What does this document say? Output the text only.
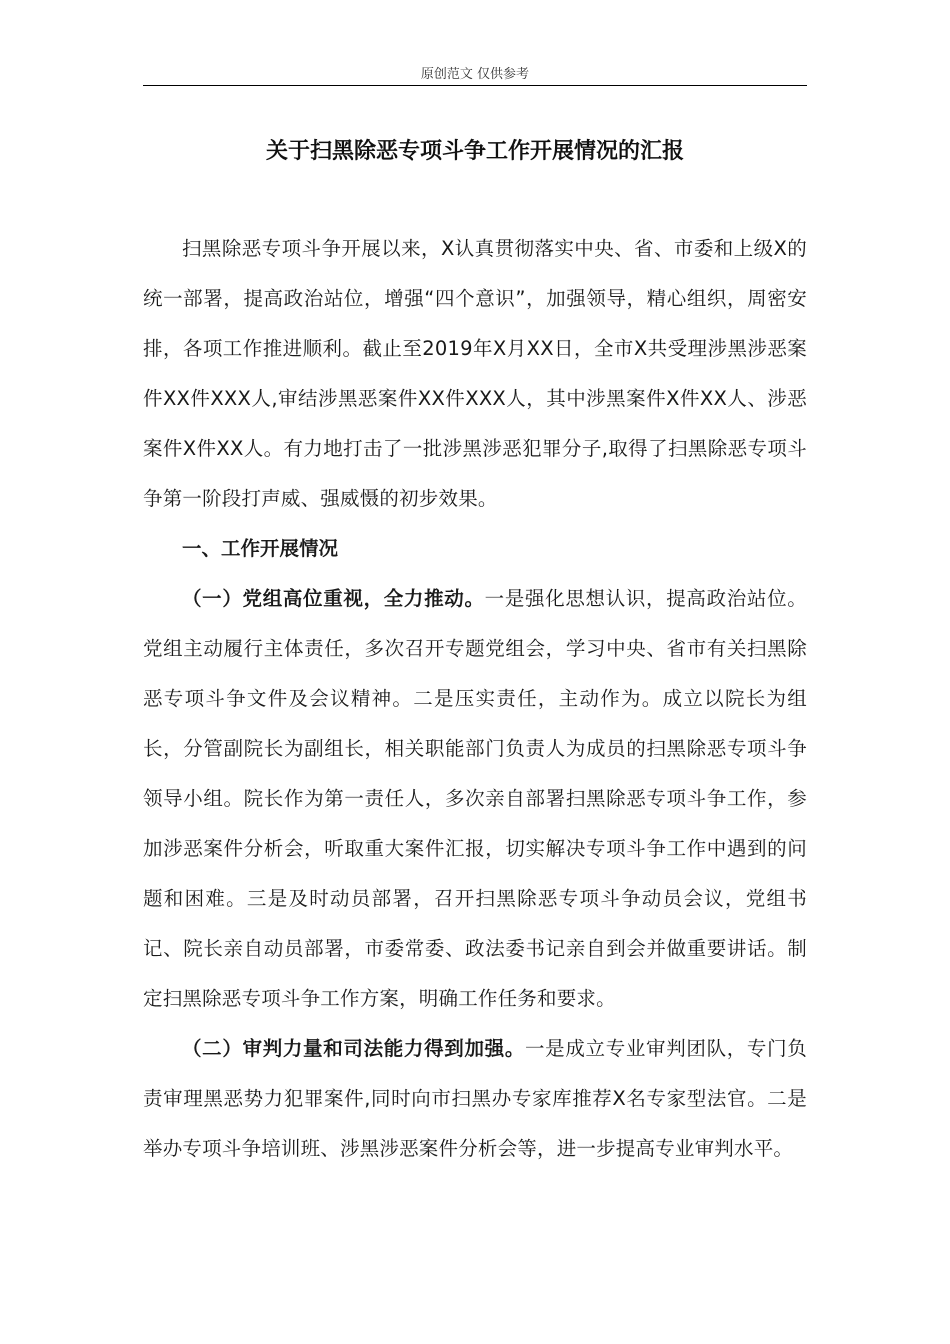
原创范文 仅供参考
关于扫黑除恶专项斗争工作开展情况的汇报

扫黑除恶专项斗争开展以来，X认真贯彻落实中央、省、市委和上级X的统一部署，提高政治站位，增强“四个意识”，加强领导，精心组织，周密安排，各项工作推进顺利。截止至2019年X月XX日，全市X共受理涉黑涉恶案件XX件XXX人,审结涉黑恶案件XX件XXX人，其中涉黑案件X件XX人、涉恶案件X件XX人。有力地打击了一批涉黑涉恶犯罪分子,取得了扫黑除恶专项斗争第一阶段打声威、强威慑的初步效果。

一、工作开展情况

（一）党组高位重视，全力推动。一是强化思想认识，提高政治站位。党组主动履行主体责任，多次召开专题党组会，学习中央、省市有关扫黑除恶专项斗争文件及会议精神。二是压实责任，主动作为。成立以院长为组长，分管副院长为副组长，相关职能部门负责人为成员的扫黑除恶专项斗争领导小组。院长作为第一责任人，多次亲自部署扫黑除恶专项斗争工作，参加涉恶案件分析会，听取重大案件汇报，切实解决专项斗争工作中遇到的问题和困难。三是及时动员部署，召开扫黑除恶专项斗争动员会议，党组书记、院长亲自动员部署，市委常委、政法委书记亲自到会并做重要讲话。制定扫黑除恶专项斗争工作方案，明确工作任务和要求。

（二）审判力量和司法能力得到加强。一是成立专业审判团队，专门负责审理黑恶势力犯罪案件,同时向市扫黑办专家库推荐X名专家型法官。二是举办专项斗争培训班、涉黑涉恶案件分析会等，进一步提高专业审判水平。
